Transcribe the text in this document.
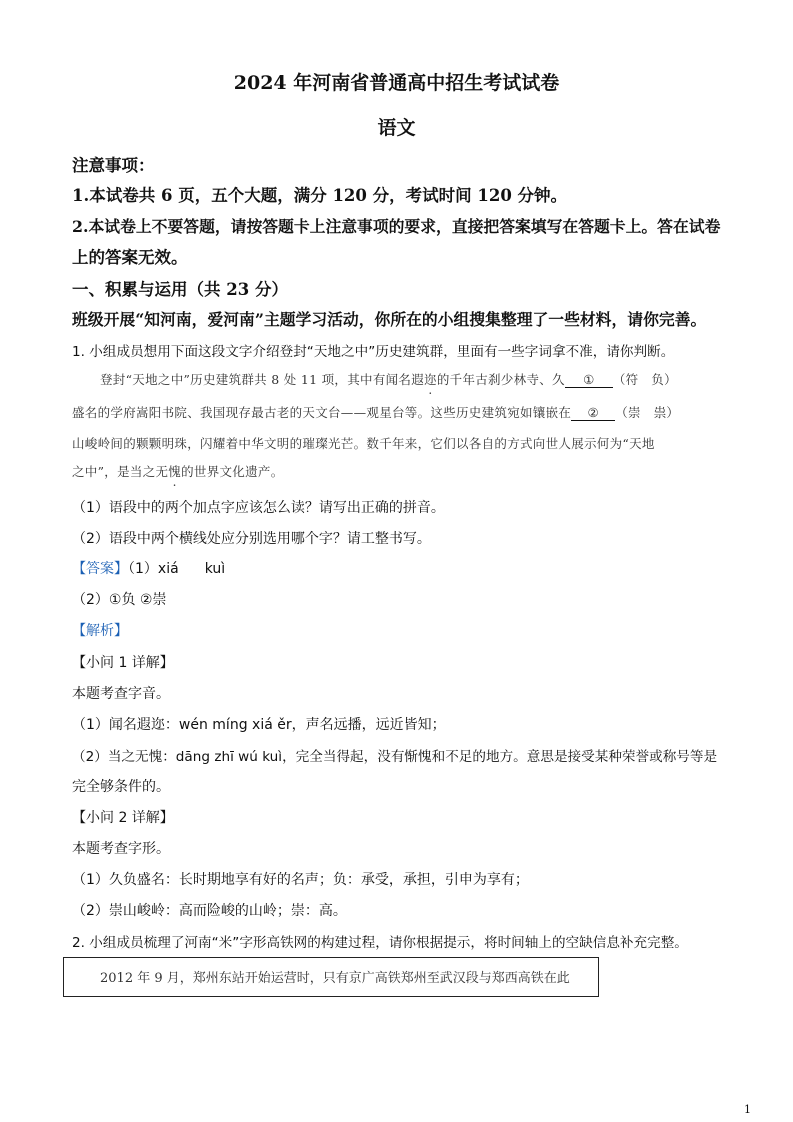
2024 年河南省普通高中招生考试试卷
语文
注意事项：
1.本试卷共 6 页，五个大题，满分 120 分，考试时间 120 分钟。
2.本试卷上不要答题，请按答题卡上注意事项的要求，直接把答案填写在答题卡上。答在试卷
上的答案无效。
一、积累与运用（共 23 分）
班级开展“知河南，爱河南”主题学习活动，你所在的小组搜集整理了一些材料，请你完善。
1. 小组成员想用下面这段文字介绍登封“天地之中”历史建筑群，里面有一些字词拿不准，请你判断。
登封“天地之中”历史建筑群共 8 处 11 项，其中有闻名遐迩的千年古刹少林寺、久 ① （符　负）
盛名的学府嵩阳书院、我国现存最古老的天文台——观星台等。这些历史建筑宛如镶嵌在 ② （崇　祟）
山峻岭间的颗颗明珠，闪耀着中华文明的璀璨光芒。数千年来，它们以各自的方式向世人展示何为“天地
之中”，是当之无愧的世界文化遗产。
（1）语段中的两个加点字应该怎么读？请写出正确的拼音。
（2）语段中两个横线处应分别选用哪个字？请工整书写。
【答案】（1）xiá kuì
（2）①负 ②崇
【解析】
【小问 1 详解】
本题考查字音。
（1）闻名遐迩：wén míng xiá ěr，声名远播，远近皆知；
（2）当之无愧：dāng zhī wú kuì，完全当得起，没有惭愧和不足的地方。意思是接受某种荣誉或称号等是
完全够条件的。
【小问 2 详解】
本题考查字形。
（1）久负盛名：长时期地享有好的名声；负：承受，承担，引申为享有；
（2）崇山峻岭：高而险峻的山岭；崇：高。
2. 小组成员梳理了河南“米”字形高铁网的构建过程，请你根据提示，将时间轴上的空缺信息补充完整。
2012 年 9 月，郑州东站开始运营时，只有京广高铁郑州至武汉段与郑西高铁在此
1
